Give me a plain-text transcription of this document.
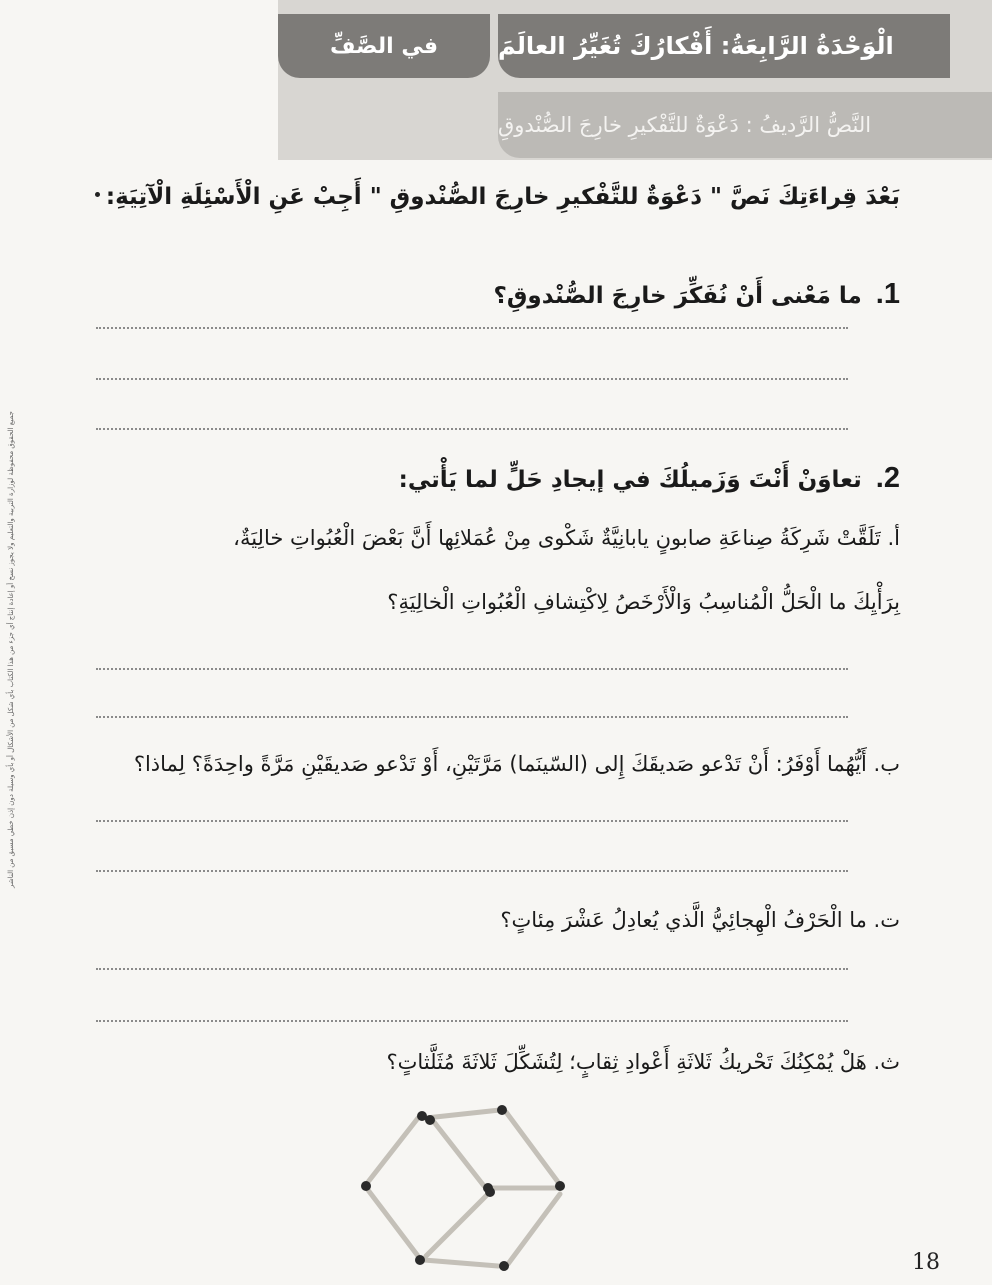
في الصَّفِّ	الْوَحْدَةُ الرَّابِعَةُ: أَفْكارُكَ تُغَيِّرُ العالَمَ
النَّصُّ الرَّديفُ : دَعْوَةٌ للتَّفْكيرِ خارِجَ الصُّنْدوقِ
جميع الحقوق محفوظة لوزارة التربية والتعليم ولا يجوز نسخ أو إعادة إنتاج أي جزء من هذا الكتاب بأي شكل من الأشكال أو بأي وسيلة دون إذن خطي مسبق من الناشر
بَعْدَ قِراءَتِكَ نَصَّ " دَعْوَةٌ للتَّفْكيرِ خارِجَ الصُّنْدوقِ " أَجِبْ عَنِ الْأَسْئِلَةِ الْآتِيَةِ:
1.ما مَعْنى أَنْ نُفَكِّرَ خارِجَ الصُّنْدوقِ؟
2.تعاوَنْ أَنْتَ وَزَميلُكَ في إيجادِ حَلٍّ لما يَأْتي:
أ. تَلَقَّتْ شَرِكَةُ صِناعَةِ صابونٍ يابانِيَّةٌ شَكْوى مِنْ عُمَلائِها أَنَّ بَعْضَ الْعُبُواتِ خالِيَةٌ،
بِرَأْيِكَ ما الْحَلُّ الْمُناسِبُ وَالْأَرْخَصُ لِاكْتِشافِ الْعُبُواتِ الْخالِيَةِ؟
ب. أَيُّهُما أَوْفَرُ: أَنْ تَدْعو صَديقَكَ إِلى (السّينَما) مَرَّتَيْنِ، أَوْ تَدْعو صَديقَيْنِ مَرَّةً واحِدَةً؟ لِماذا؟
ت. ما الْحَرْفُ الْهِجائِيُّ الَّذي يُعادِلُ عَشْرَ مِئاتٍ؟
ث. هَلْ يُمْكِنُكَ تَحْريكُ ثَلاثَةِ أَعْوادِ ثِقابٍ؛ لِتُشَكِّلَ ثَلاثَةَ مُثَلَّثاتٍ؟
18
